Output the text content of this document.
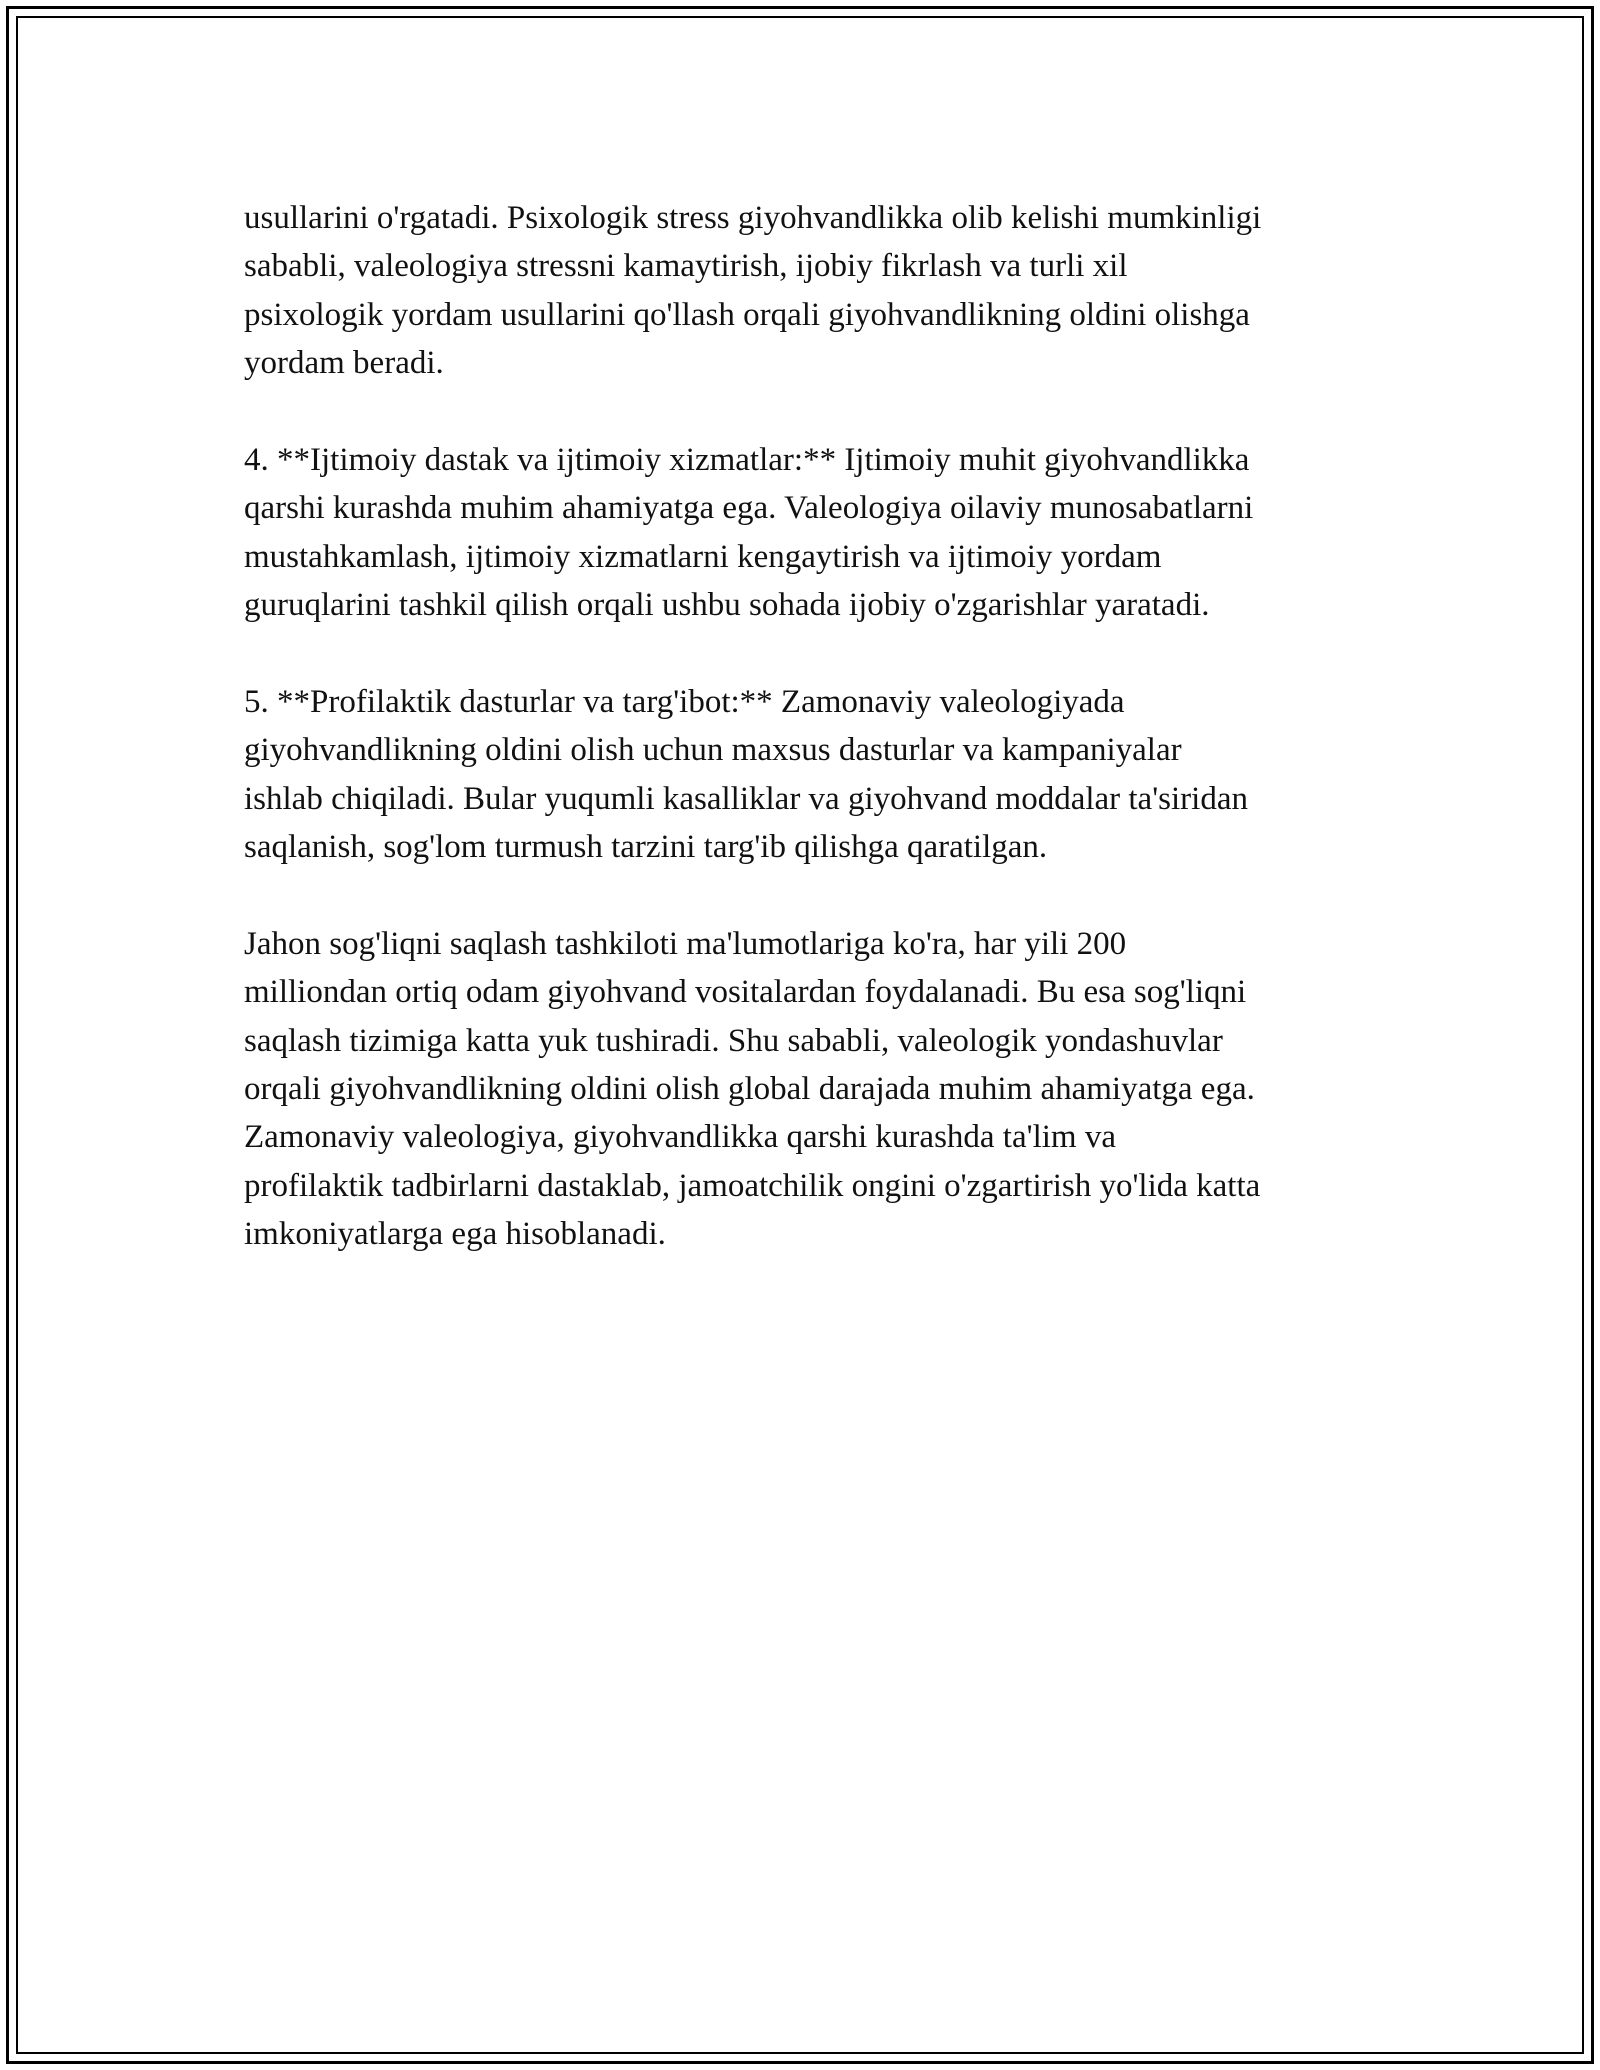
usullarini o'rgatadi. Psixologik stress giyohvandlikka olib kelishi mumkinligi
sababli, valeologiya stressni kamaytirish, ijobiy fikrlash va turli xil
psixologik yordam usullarini qo'llash orqali giyohvandlikning oldini olishga
yordam beradi.
4. **Ijtimoiy dastak va ijtimoiy xizmatlar:** Ijtimoiy muhit giyohvandlikka
qarshi kurashda muhim ahamiyatga ega. Valeologiya oilaviy munosabatlarni
mustahkamlash, ijtimoiy xizmatlarni kengaytirish va ijtimoiy yordam
guruqlarini tashkil qilish orqali ushbu sohada ijobiy o'zgarishlar yaratadi.
5. **Profilaktik dasturlar va targ'ibot:** Zamonaviy valeologiyada
giyohvandlikning oldini olish uchun maxsus dasturlar va kampaniyalar
ishlab chiqiladi. Bular yuqumli kasalliklar va giyohvand moddalar ta'siridan
saqlanish, sog'lom turmush tarzini targ'ib qilishga qaratilgan.
Jahon sog'liqni saqlash tashkiloti ma'lumotlariga ko'ra, har yili 200
milliondan ortiq odam giyohvand vositalardan foydalanadi. Bu esa sog'liqni
saqlash tizimiga katta yuk tushiradi. Shu sababli, valeologik yondashuvlar
orqali giyohvandlikning oldini olish global darajada muhim ahamiyatga ega.
Zamonaviy valeologiya, giyohvandlikka qarshi kurashda ta'lim va
profilaktik tadbirlarni dastaklab, jamoatchilik ongini o'zgartirish yo'lida katta
imkoniyatlarga ega hisoblanadi.
